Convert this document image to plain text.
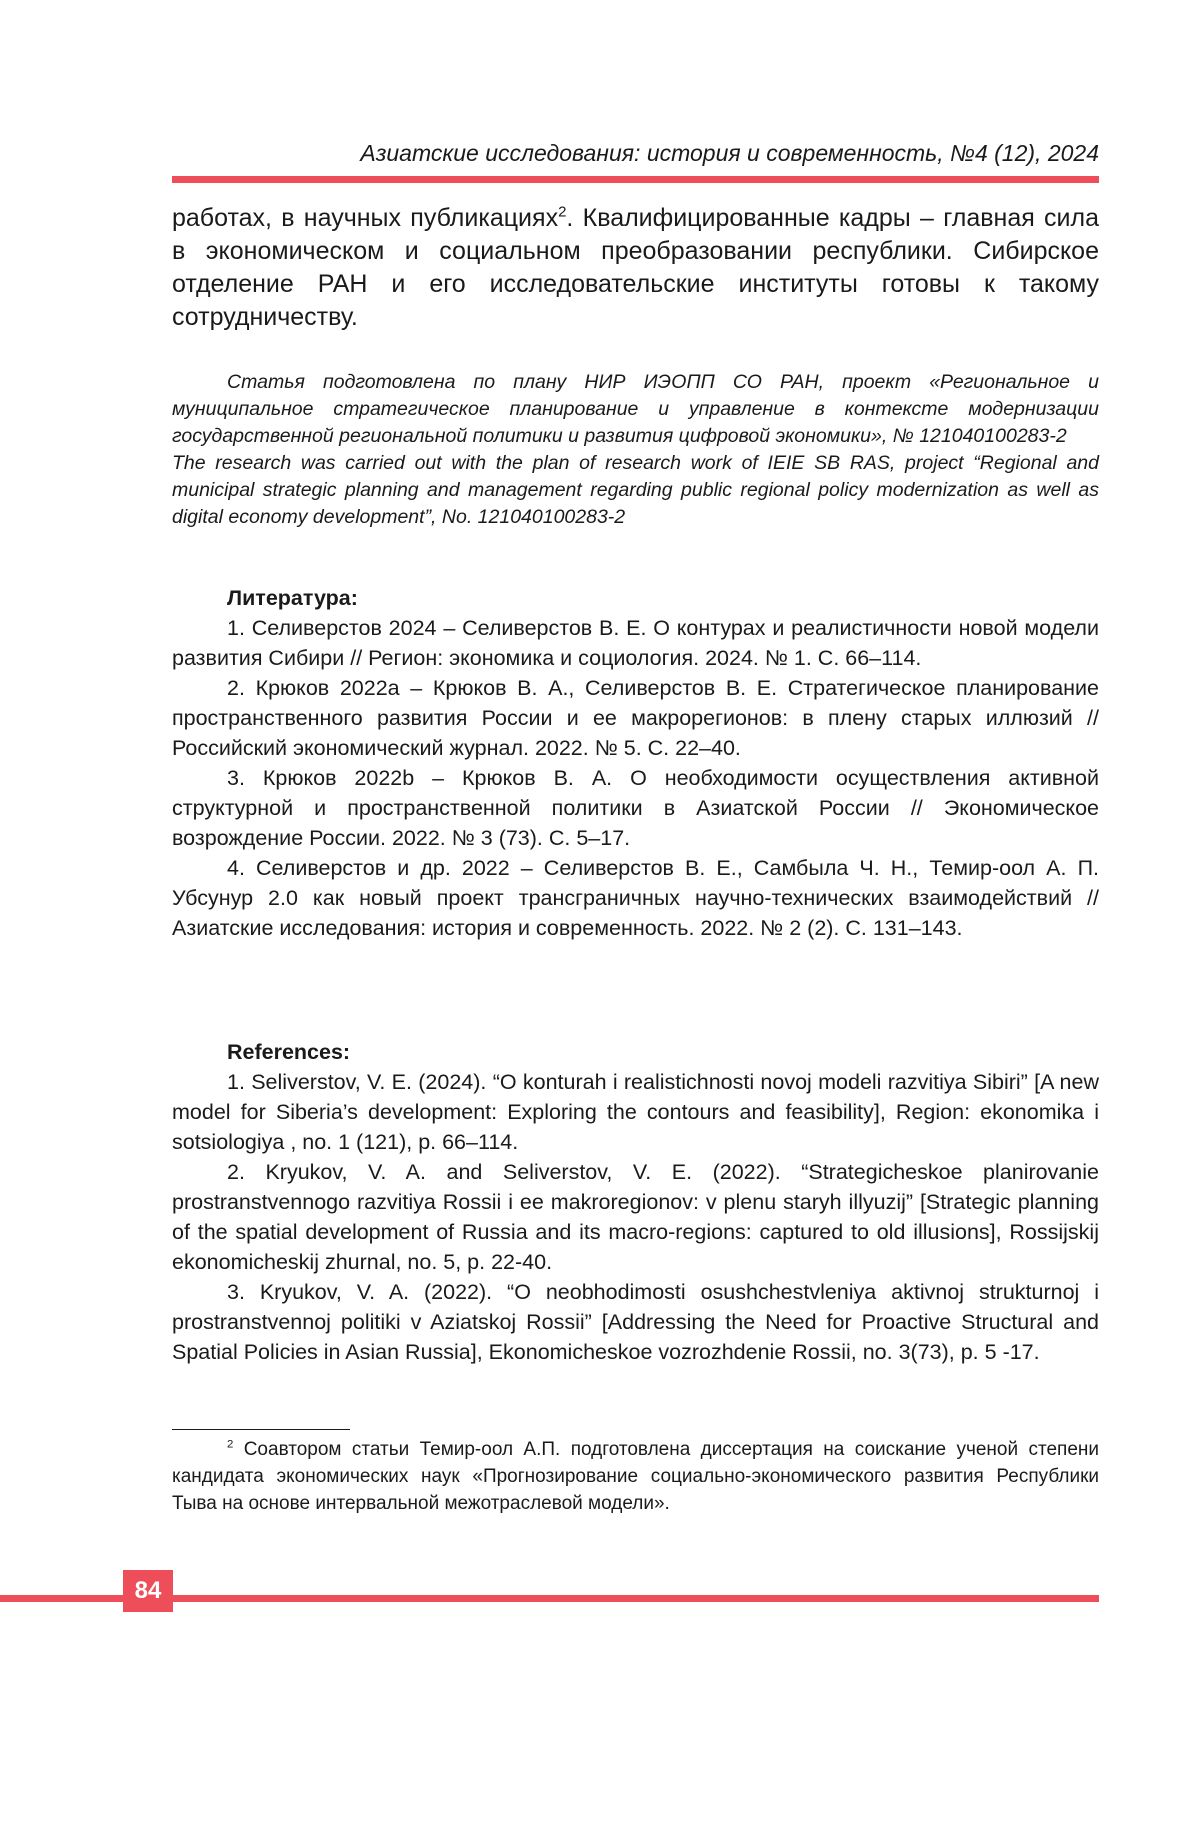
Азиатские исследования: история и современность, №4 (12), 2024
работах, в научных публикациях$^2$. Квалифицированные кадры – главная сила в экономическом и социальном преобразовании республики. Сибирское отделение РАН и его исследовательские институты готовы к такому сотрудничеству.

Статья подготовлена по плану НИР ИЭОПП СО РАН, проект «Региональное и муниципальное стратегическое планирование и управление в контексте модернизации государственной региональной политики и развития цифровой экономики», № 121040100283-2

The research was carried out with the plan of research work of IEIE SB RAS, project “Regional and municipal strategic planning and management regarding public regional policy modernization as well as digital economy development”, No. 121040100283-2

Литература:

1. Селиверстов 2024 – Селиверстов В. Е. О контурах и реалистичности новой модели развития Сибири // Регион: экономика и социология. 2024. № 1. С. 66–114.

2. Крюков 2022a – Крюков В. А., Селиверстов В. Е. Стратегическое планирование пространственного развития России и ее макрорегионов: в плену старых иллюзий // Российский экономический журнал. 2022. № 5. С. 22–40.

3. Крюков 2022b – Крюков В. А. О необходимости осуществления активной структурной и пространственной политики в Азиатской России // Экономическое возрождение России. 2022. № 3 (73). С. 5–17.

4. Селиверстов и др. 2022 – Селиверстов В. Е., Самбыла Ч. Н., Темир-оол А. П. Убсунур 2.0 как новый проект трансграничных научно-технических взаимодействий // Азиатские исследования: история и современность. 2022. № 2 (2). С. 131–143.

References:

1. Seliverstov, V. E. (2024). “O konturah i realistichnosti novoj modeli razvitiya Sibiri” [A new model for Siberia’s development: Exploring the contours and feasibility], Region: ekonomika i sotsiologiya , no. 1 (121), p. 66–114.

2. Kryukov, V. A. and Seliverstov, V. E. (2022). “Strategicheskoe planirovanie prostranstvennogo razvitiya Rossii i ee makroregionov: v plenu staryh illyuzij” [Strategic planning of the spatial development of Russia and its macro-regions: captured to old illusions], Rossijskij ekonomicheskij zhurnal, no. 5, p. 22-40.

3. Kryukov, V. A. (2022). “O neobhodimosti osushchestvleniya aktivnoj strukturnoj i prostranstvennoj politiki v Aziatskoj Rossii” [Addressing the Need for Proactive Structural and Spatial Policies in Asian Russia], Ekonomicheskoe vozrozhdenie Rossii, no. 3(73), p. 5 -17.

$^2$ Соавтором статьи Темир-оол А.П. подготовлена диссертация на соискание ученой степени кандидата экономических наук «Прогнозирование социально-экономического развития Республики Тыва на основе интервальной межотраслевой модели».

84
